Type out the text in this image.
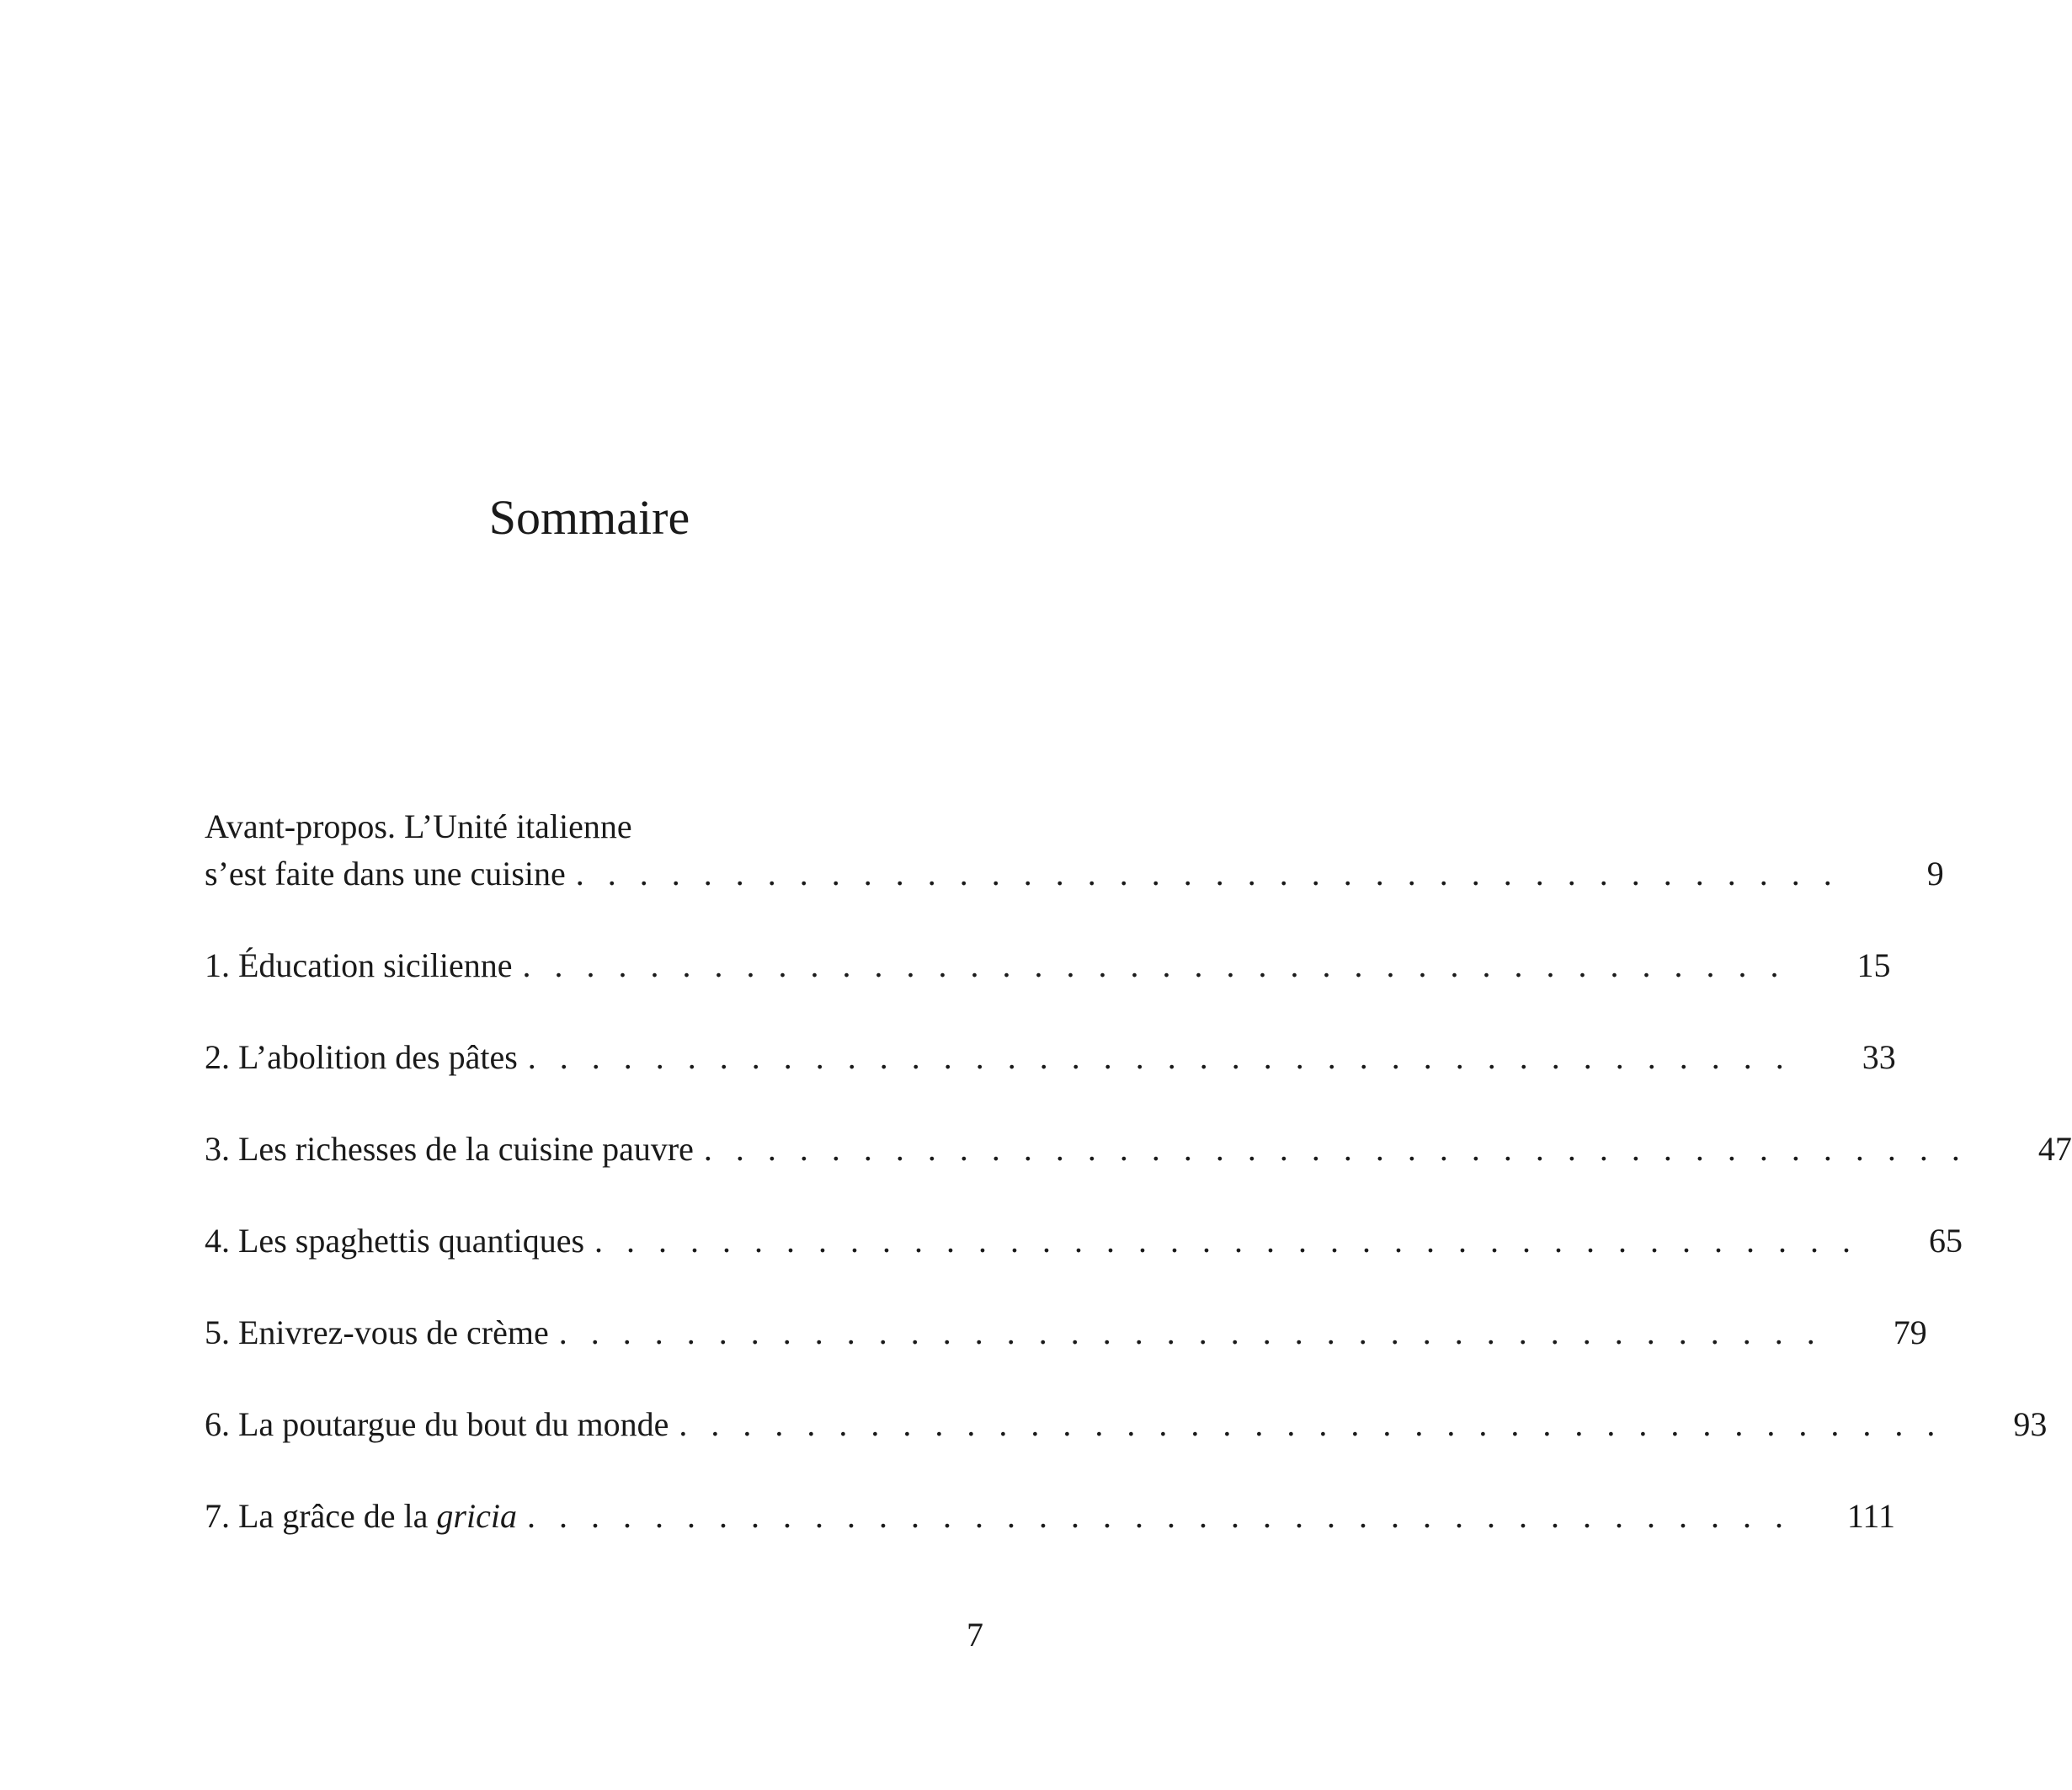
Sommaire
Avant-propos. L’Unité italienne
s’est faite dans une cuisine . . . . . . . . . . . . . . . . . . . . . . . . . . . . . . . . . . . . . . . .	9
1. Éducation sicilienne . . . . . . . . . . . . . . . . . . . . . . . . . . . . . . . . . . . . . . . .	15
2. L’abolition des pâtes . . . . . . . . . . . . . . . . . . . . . . . . . . . . . . . . . . . . . . . .	33
3. Les richesses de la cuisine pauvre . . . . . . . . . . . . . . . . . . . . . . . . . . . . . . . . . . . . . . . .	47
4. Les spaghettis quantiques . . . . . . . . . . . . . . . . . . . . . . . . . . . . . . . . . . . . . . . .	65
5. Enivrez-vous de crème . . . . . . . . . . . . . . . . . . . . . . . . . . . . . . . . . . . . . . . .	79
6. La poutargue du bout du monde . . . . . . . . . . . . . . . . . . . . . . . . . . . . . . . . . . . . . . . .	93
7. La grâce de la gricia . . . . . . . . . . . . . . . . . . . . . . . . . . . . . . . . . . . . . . . . 111
7
